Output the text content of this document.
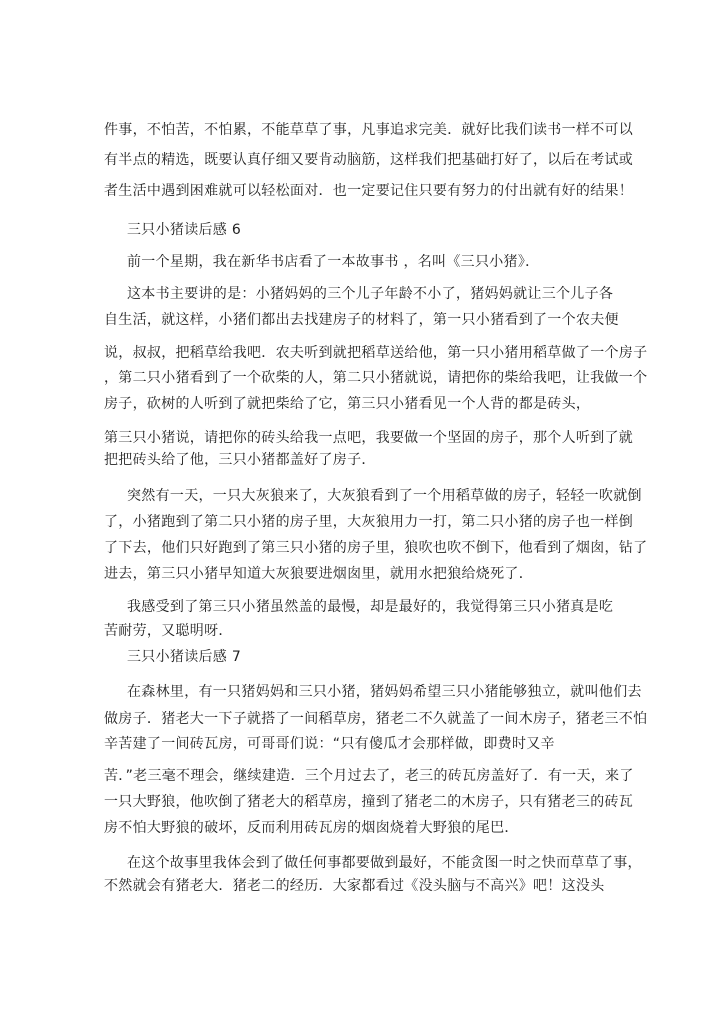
件事，不怕苦，不怕累，不能草草了事，凡事追求完美．就好比我们读书一样不可以
有半点的精选，既要认真仔细又要肯动脑筋，这样我们把基础打好了，以后在考试或
者生活中遇到困难就可以轻松面对．也一定要记住只要有努力的付出就有好的结果！
三只小猪读后感 6
前一个星期，我在新华书店看了一本故事书 ，名叫《三只小猪》．
这本书主要讲的是：小猪妈妈的三个儿子年龄不小了，猪妈妈就让三个儿子各
自生活，就这样，小猪们都出去找建房子的材料了，第一只小猪看到了一个农夫便
说，叔叔，把稻草给我吧．农夫听到就把稻草送给他，第一只小猪用稻草做了一个房子
，第二只小猪看到了一个砍柴的人，第二只小猪就说，请把你的柴给我吧，让我做一个
房子，砍树的人听到了就把柴给了它，第三只小猪看见一个人背的都是砖头，
第三只小猪说，请把你的砖头给我一点吧，我要做一个坚固的房子，那个人听到了就
把把砖头给了他，三只小猪都盖好了房子．
突然有一天，一只大灰狼来了，大灰狼看到了一个用稻草做的房子，轻轻一吹就倒
了，小猪跑到了第二只小猪的房子里，大灰狼用力一打，第二只小猪的房子也一样倒
了下去，他们只好跑到了第三只小猪的房子里，狼吹也吹不倒下，他看到了烟囱，钻了
进去，第三只小猪早知道大灰狼要进烟囱里，就用水把狼给烧死了．
我感受到了第三只小猪虽然盖的最慢，却是最好的，我觉得第三只小猪真是吃
苦耐劳，又聪明呀．
三只小猪读后感 7
在森林里，有一只猪妈妈和三只小猪，猪妈妈希望三只小猪能够独立，就叫他们去
做房子．猪老大一下子就搭了一间稻草房，猪老二不久就盖了一间木房子，猪老三不怕
辛苦建了一间砖瓦房，可哥哥们说：“只有傻瓜才会那样做，即费时又辛
苦．”老三毫不理会，继续建造．三个月过去了，老三的砖瓦房盖好了．有一天，来了
一只大野狼，他吹倒了猪老大的稻草房，撞到了猪老二的木房子，只有猪老三的砖瓦
房不怕大野狼的破坏，反而利用砖瓦房的烟囱烧着大野狼的尾巴．
在这个故事里我体会到了做任何事都要做到最好，不能贪图一时之快而草草了事，
不然就会有猪老大．猪老二的经历．大家都看过《没头脑与不高兴》吧！这没头
